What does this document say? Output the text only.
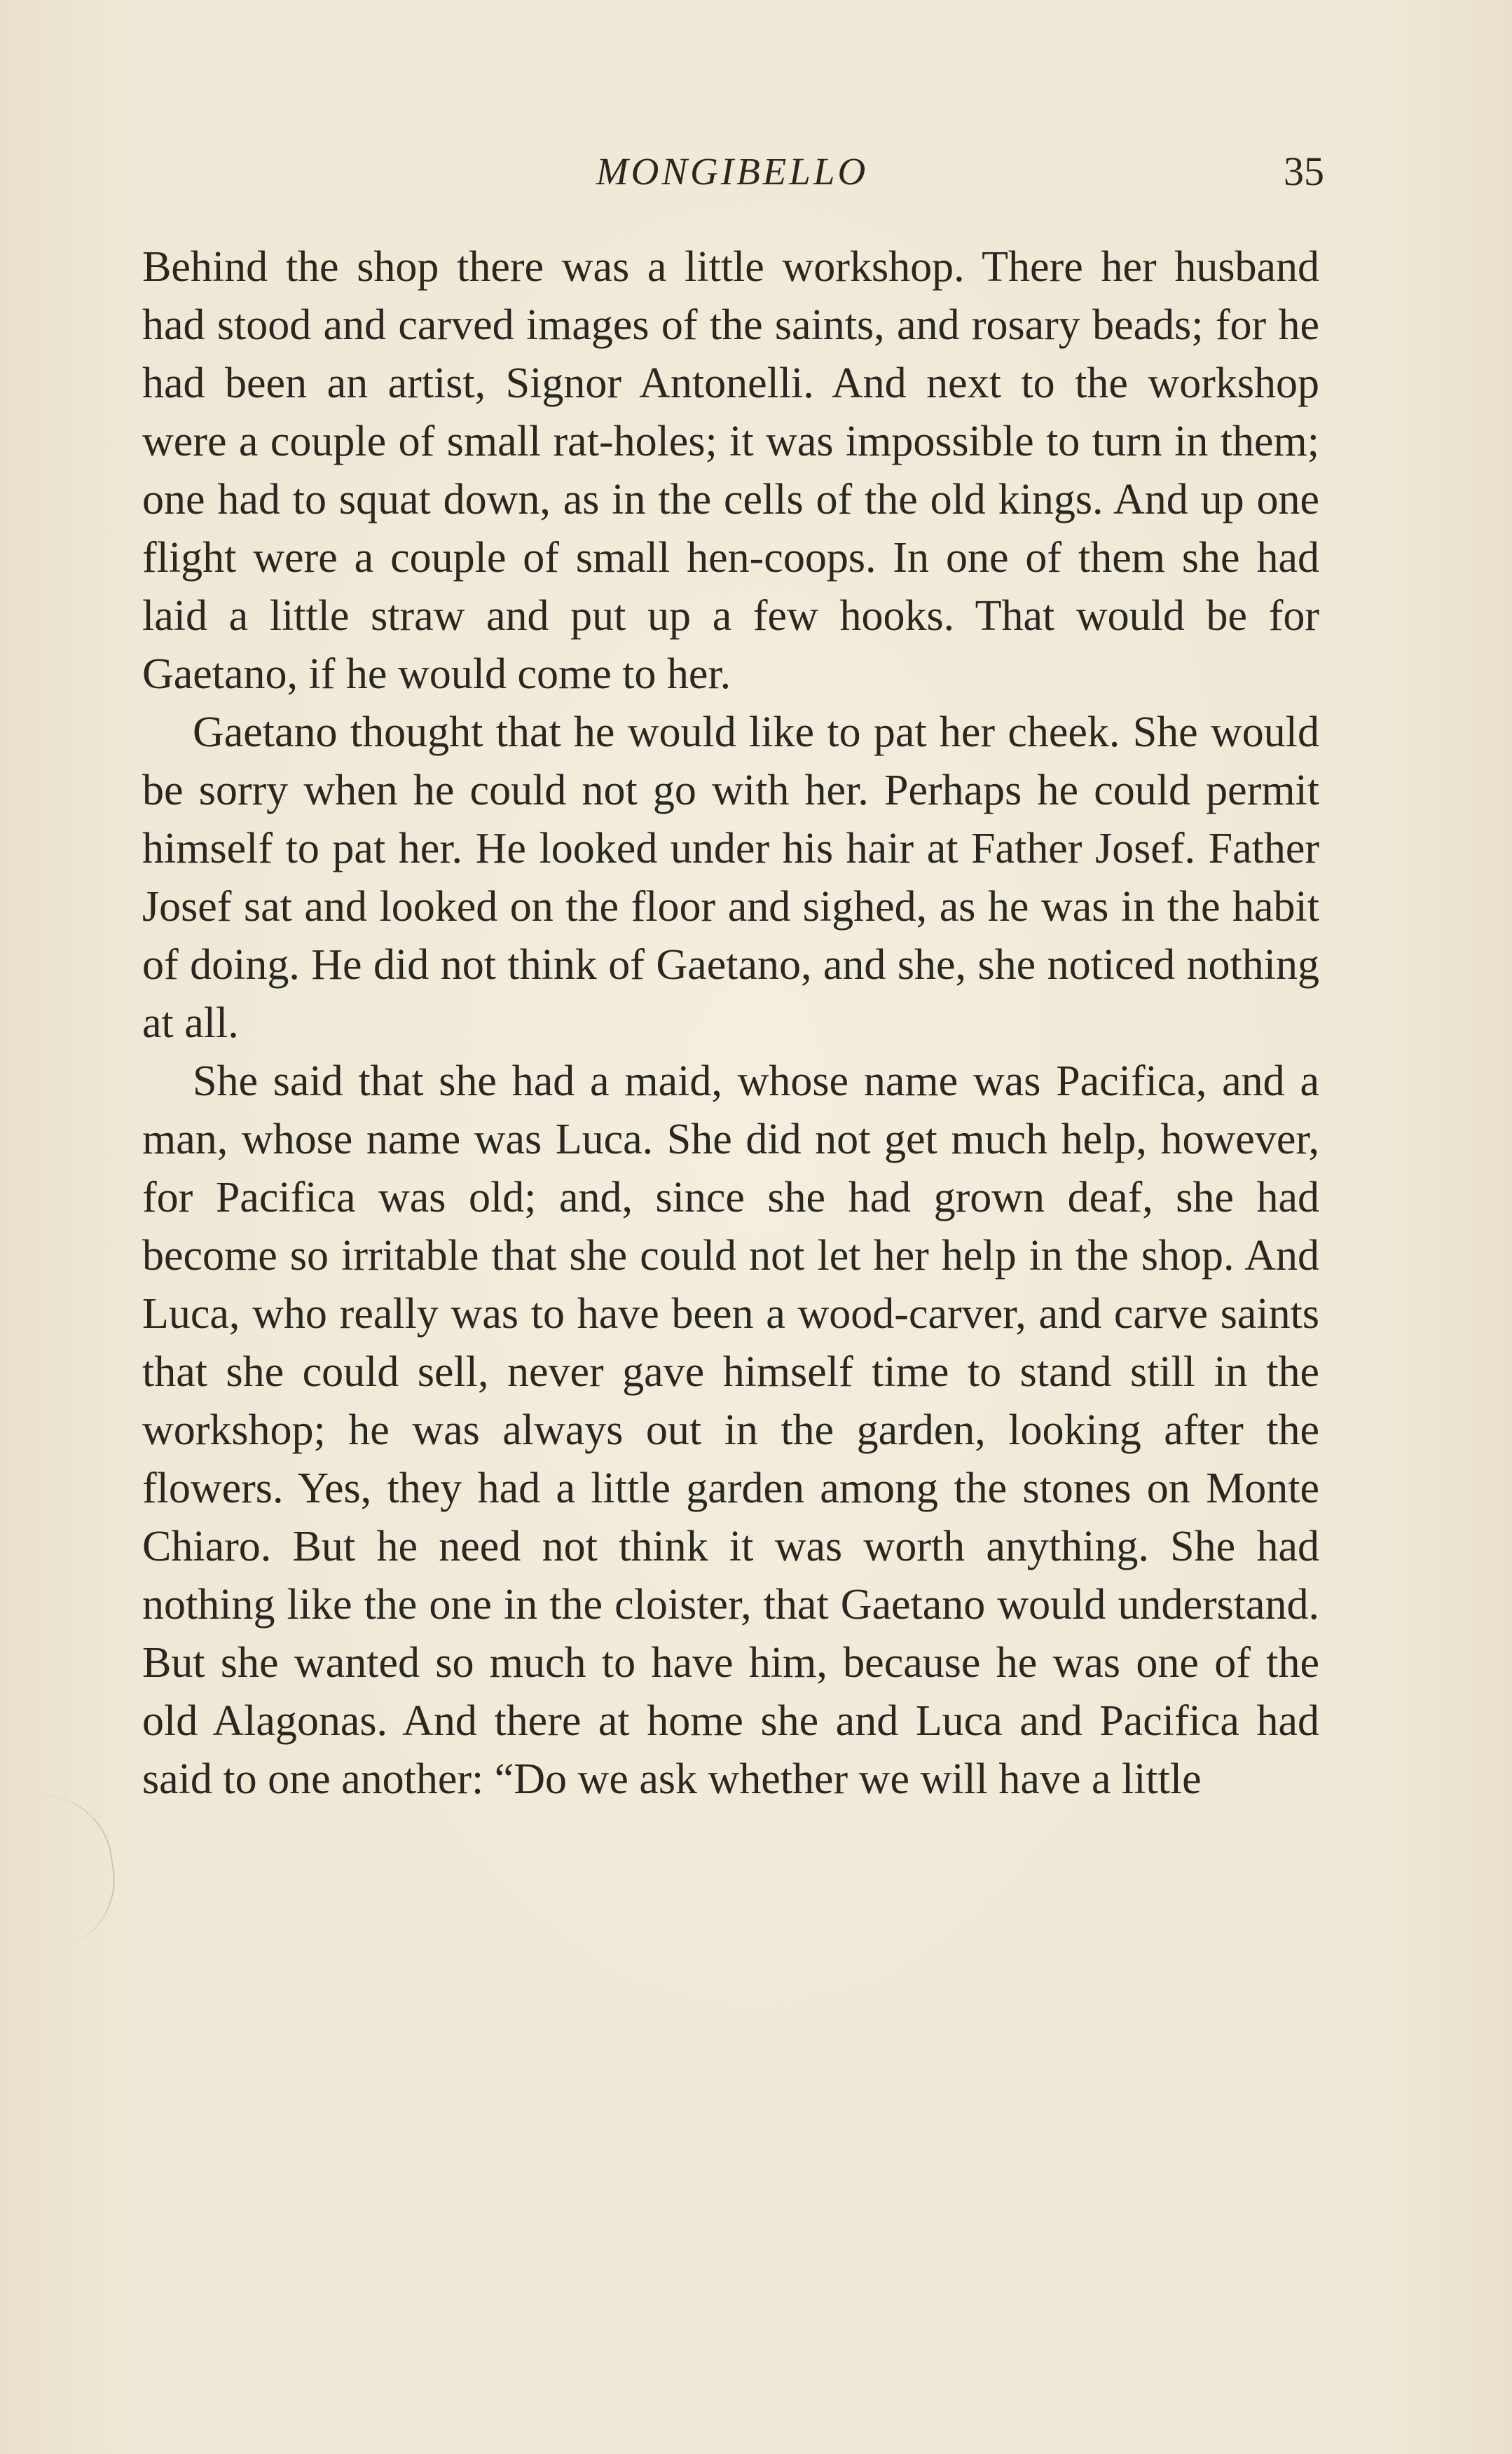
MONGIBELLO	35

Behind the shop there was a little workshop. There her husband had stood and carved images of the saints, and rosary beads; for he had been an artist, Signor Antonelli. And next to the workshop were a couple of small rat-holes; it was impossible to turn in them; one had to squat down, as in the cells of the old kings. And up one flight were a couple of small hen-coops. In one of them she had laid a little straw and put up a few hooks. That would be for Gaetano, if he would come to her.

Gaetano thought that he would like to pat her cheek. She would be sorry when he could not go with her. Perhaps he could permit himself to pat her. He looked under his hair at Father Josef. Father Josef sat and looked on the floor and sighed, as he was in the habit of doing. He did not think of Gaetano, and she, she noticed nothing at all.

She said that she had a maid, whose name was Pacifica, and a man, whose name was Luca. She did not get much help, however, for Pacifica was old; and, since she had grown deaf, she had become so irritable that she could not let her help in the shop. And Luca, who really was to have been a wood-carver, and carve saints that she could sell, never gave himself time to stand still in the workshop; he was always out in the garden, looking after the flowers. Yes, they had a little garden among the stones on Monte Chiaro. But he need not think it was worth anything. She had nothing like the one in the cloister, that Gaetano would understand. But she wanted so much to have him, because he was one of the old Alagonas. And there at home she and Luca and Pacifica had said to one another: “Do we ask whether we will have a little
